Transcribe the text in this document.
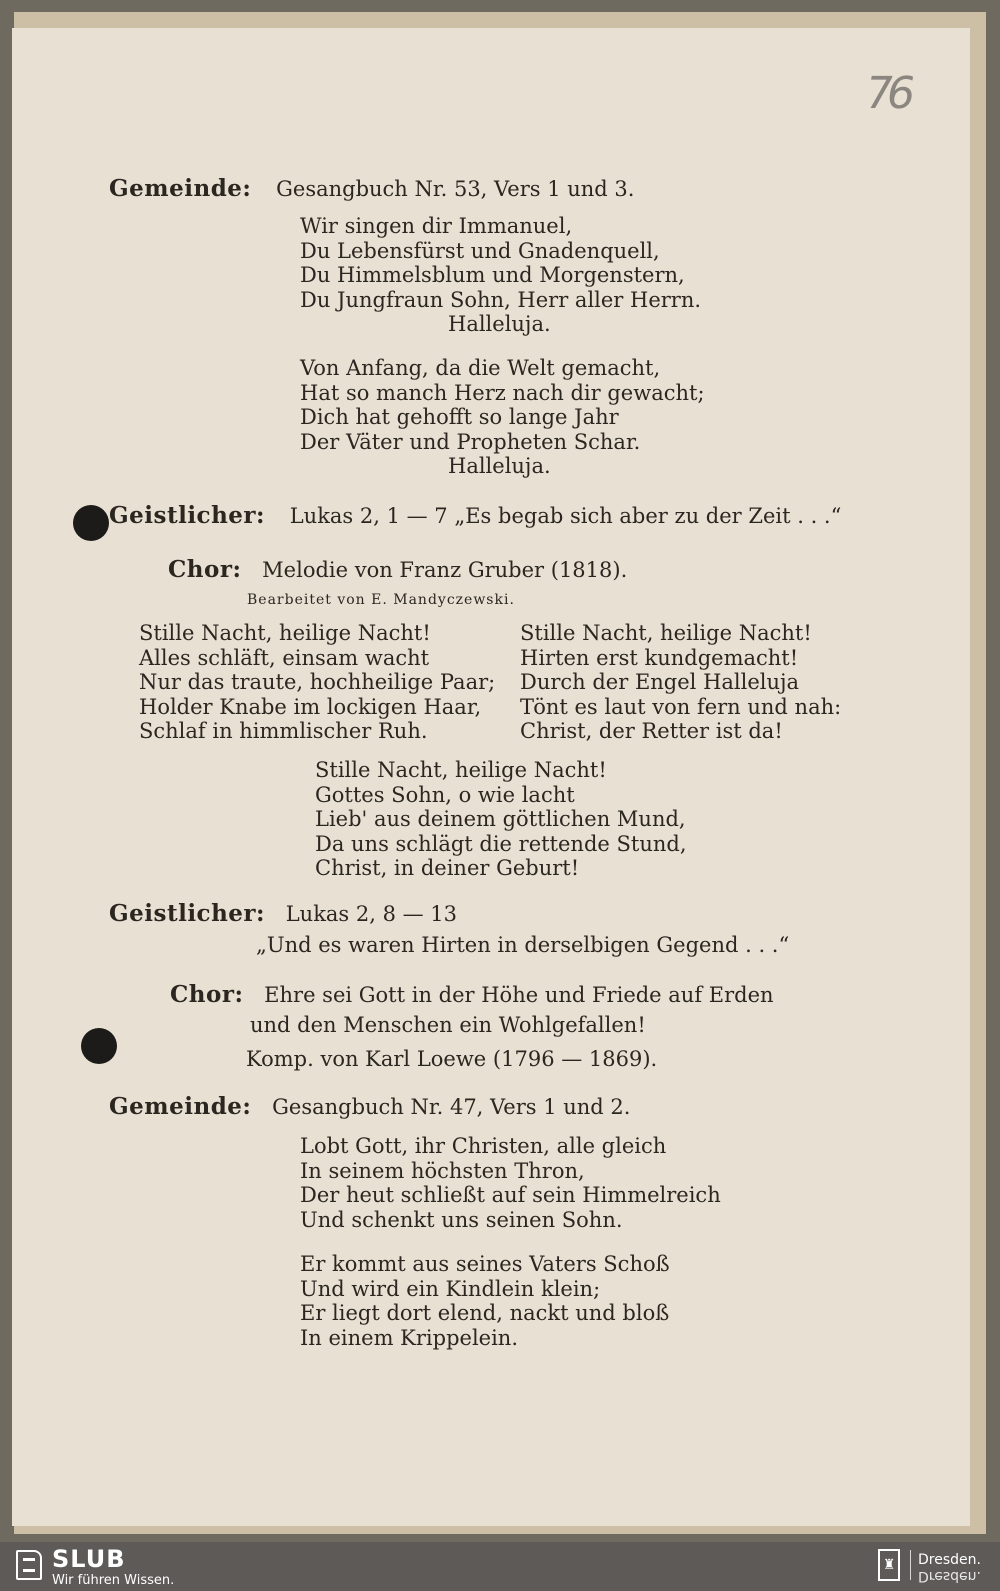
76
Gemeinde: Gesangbuch Nr. 53, Vers 1 und 3.
Wir singen dir Immanuel,
Du Lebensfürst und Gnadenquell,
Du Himmelsblum und Morgenstern,
Du Jungfraun Sohn, Herr aller Herrn.
Halleluja.
Von Anfang, da die Welt gemacht,
Hat so manch Herz nach dir gewacht;
Dich hat gehofft so lange Jahr
Der Väter und Propheten Schar.
Halleluja.
Geistlicher: Lukas 2, 1 — 7 „Es begab sich aber zu der Zeit . . .“
Chor: Melodie von Franz Gruber (1818).
Bearbeitet von E. Mandyczewski.
Stille Nacht, heilige Nacht!
Alles schläft, einsam wacht
Nur das traute, hochheilige Paar;
Holder Knabe im lockigen Haar,
Schlaf in himmlischer Ruh.
Stille Nacht, heilige Nacht!
Hirten erst kundgemacht!
Durch der Engel Halleluja
Tönt es laut von fern und nah:
Christ, der Retter ist da!
Stille Nacht, heilige Nacht!
Gottes Sohn, o wie lacht
Lieb' aus deinem göttlichen Mund,
Da uns schlägt die rettende Stund,
Christ, in deiner Geburt!
Geistlicher: Lukas 2, 8 — 13
„Und es waren Hirten in derselbigen Gegend . . .“
Chor: Ehre sei Gott in der Höhe und Friede auf Erden
und den Menschen ein Wohlgefallen!
Komp. von Karl Loewe (1796 — 1869).
Gemeinde: Gesangbuch Nr. 47, Vers 1 und 2.
Lobt Gott, ihr Christen, alle gleich
In seinem höchsten Thron,
Der heut schließt auf sein Himmelreich
Und schenkt uns seinen Sohn.
Er kommt aus seines Vaters Schoß
Und wird ein Kindlein klein;
Er liegt dort elend, nackt und bloß
In einem Krippelein.
SLUB
Wir führen Wissen.
♜	Dresden.
Dresden.
